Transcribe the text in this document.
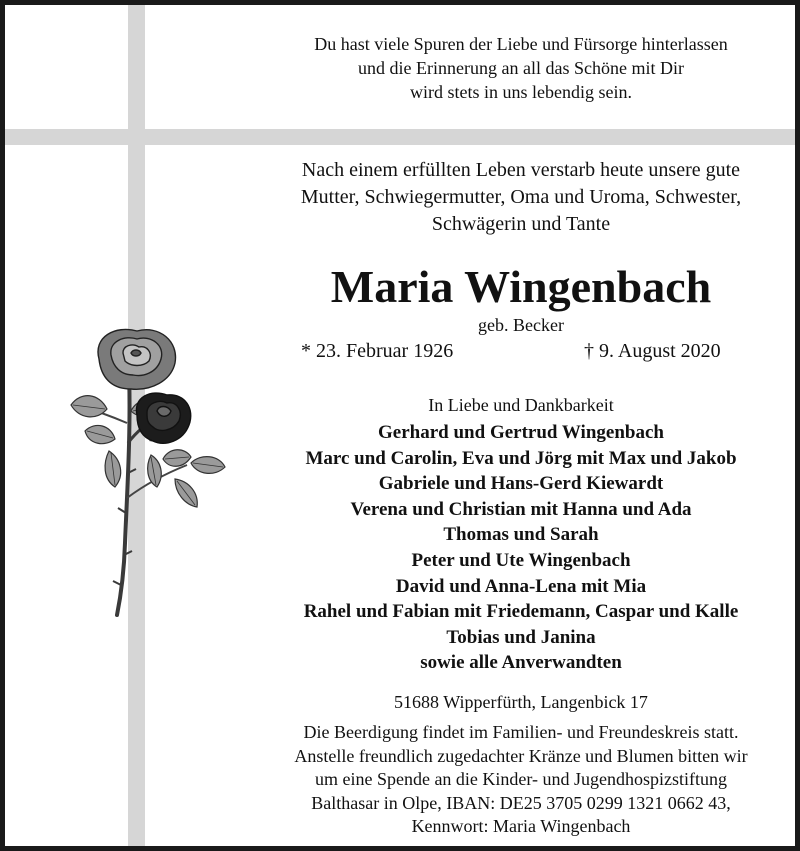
Du hast viele Spuren der Liebe und Fürsorge hinterlassen
und die Erinnerung an all das Schöne mit Dir
wird stets in uns lebendig sein.
Nach einem erfüllten Leben verstarb heute unsere gute
Mutter, Schwiegermutter, Oma und Uroma, Schwester,
Schwägerin und Tante
Maria Wingenbach
geb. Becker
* 23. Februar 1926	† 9. August 2020
In Liebe und Dankbarkeit
Gerhard und Gertrud Wingenbach
Marc und Carolin, Eva und Jörg mit Max und Jakob
Gabriele und Hans-Gerd Kiewardt
Verena und Christian mit Hanna und Ada
Thomas und Sarah
Peter und Ute Wingenbach
David und Anna-Lena mit Mia
Rahel und Fabian mit Friedemann, Caspar und Kalle
Tobias und Janina
sowie alle Anverwandten
51688 Wipperfürth, Langenbick 17
Die Beerdigung findet im Familien- und Freundeskreis statt.
Anstelle freundlich zugedachter Kränze und Blumen bitten wir
um eine Spende an die Kinder- und Jugendhospizstiftung
Balthasar in Olpe, IBAN: DE25 3705 0299 1321 0662 43,
Kennwort: Maria Wingenbach
